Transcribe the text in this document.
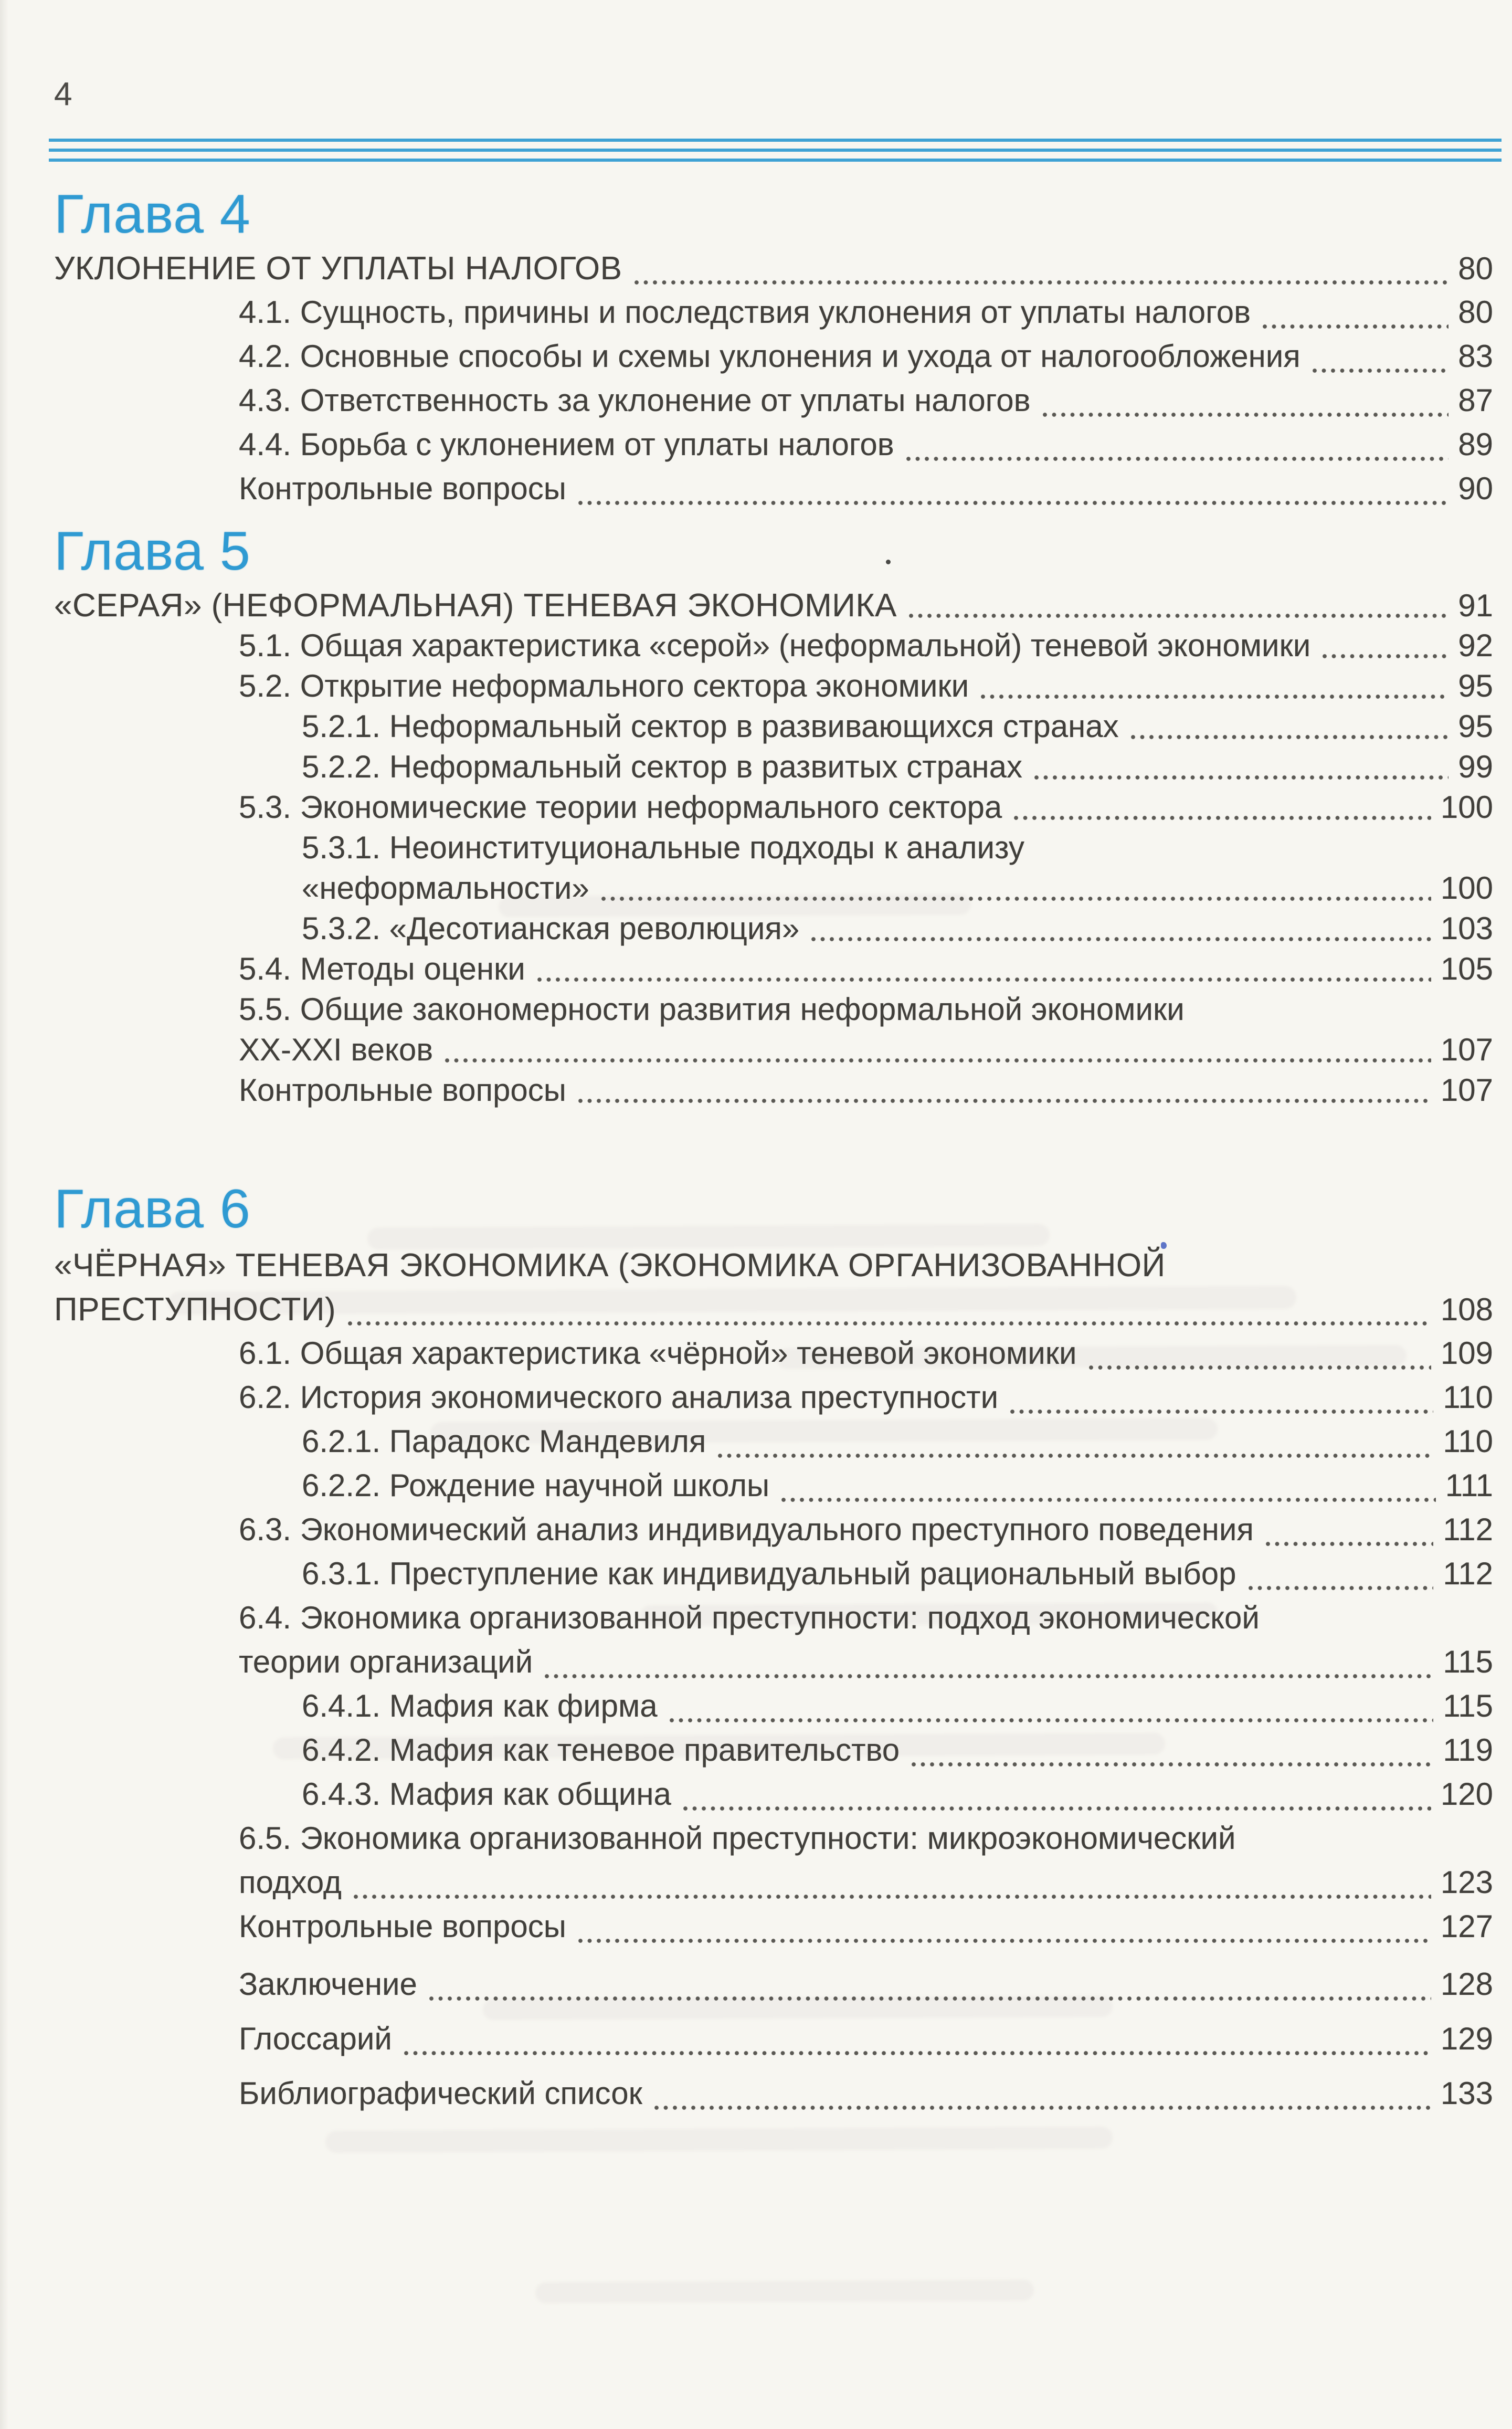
4
Глава 4
УКЛОНЕНИЕ ОТ УПЛАТЫ НАЛОГОВ	80
4.1. Сущность, причины и последствия уклонения от уплаты налогов	80
4.2. Основные способы и схемы уклонения и ухода от налогообложения	83
4.3. Ответственность за уклонение от уплаты налогов	87
4.4. Борьба с уклонением от уплаты налогов	89
Контрольные вопросы	90
Глава 5
«СЕРАЯ» (НЕФОРМАЛЬНАЯ) ТЕНЕВАЯ ЭКОНОМИКА	91
5.1. Общая характеристика «серой» (неформальной) теневой экономики	92
5.2. Открытие неформального сектора экономики	95
5.2.1. Неформальный сектор в развивающихся странах	95
5.2.2. Неформальный сектор в развитых странах	99
5.3. Экономические теории неформального сектора	100
5.3.1. Неоинституциональные подходы к анализу
«неформальности»	100
5.3.2. «Десотианская революция»	103
5.4. Методы оценки	105
5.5. Общие закономерности развития неформальной экономики
XX-XXI веков	107
Контрольные вопросы	107
Глава 6
«ЧЁРНАЯ» ТЕНЕВАЯ ЭКОНОМИКА (ЭКОНОМИКА ОРГАНИЗОВАННОЙ
ПРЕСТУПНОСТИ)	108
6.1. Общая характеристика «чёрной» теневой экономики	109
6.2. История экономического анализа преступности	110
6.2.1. Парадокс Мандевиля	110
6.2.2. Рождение научной школы	111
6.3. Экономический анализ индивидуального преступного поведения	112
6.3.1. Преступление как индивидуальный рациональный выбор	112
6.4. Экономика организованной преступности: подход экономической
теории организаций	115
6.4.1. Мафия как фирма	115
6.4.2. Мафия как теневое правительство	119
6.4.3. Мафия как община	120
6.5. Экономика организованной преступности: микроэкономический
подход	123
Контрольные вопросы	127
Заключение	128
Глоссарий	129
Библиографический список	133
